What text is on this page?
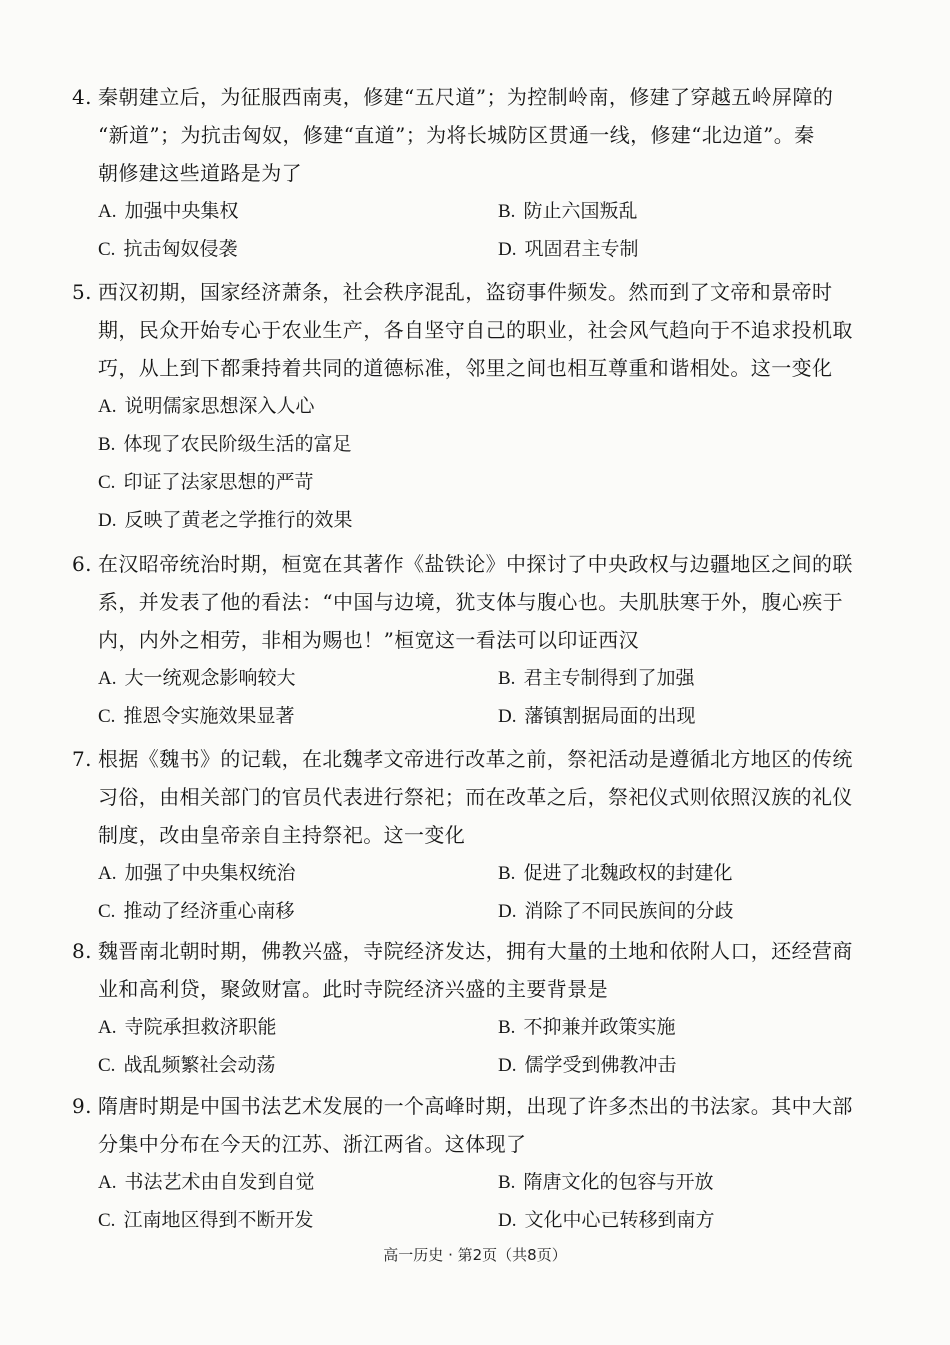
4. 秦朝建立后，为征服西南夷，修建“五尺道”；为控制岭南，修建了穿越五岭屏障的
“新道”；为抗击匈奴，修建“直道”；为将长城防区贯通一线，修建“北边道”。秦
朝修建这些道路是为了
A. 加强中央集权	B. 防止六国叛乱
C. 抗击匈奴侵袭	D. 巩固君主专制
5. 西汉初期，国家经济萧条，社会秩序混乱，盗窃事件频发。然而到了文帝和景帝时
期，民众开始专心于农业生产，各自坚守自己的职业，社会风气趋向于不追求投机取
巧，从上到下都秉持着共同的道德标准，邻里之间也相互尊重和谐相处。这一变化
A. 说明儒家思想深入人心
B. 体现了农民阶级生活的富足
C. 印证了法家思想的严苛
D. 反映了黄老之学推行的效果
6. 在汉昭帝统治时期，桓宽在其著作《盐铁论》中探讨了中央政权与边疆地区之间的联
系，并发表了他的看法：“中国与边境，犹支体与腹心也。夫肌肤寒于外，腹心疾于
内，内外之相劳，非相为赐也！”桓宽这一看法可以印证西汉
A. 大一统观念影响较大	B. 君主专制得到了加强
C. 推恩令实施效果显著	D. 藩镇割据局面的出现
7. 根据《魏书》的记载，在北魏孝文帝进行改革之前，祭祀活动是遵循北方地区的传统
习俗，由相关部门的官员代表进行祭祀；而在改革之后，祭祀仪式则依照汉族的礼仪
制度，改由皇帝亲自主持祭祀。这一变化
A. 加强了中央集权统治	B. 促进了北魏政权的封建化
C. 推动了经济重心南移	D. 消除了不同民族间的分歧
8. 魏晋南北朝时期，佛教兴盛，寺院经济发达，拥有大量的土地和依附人口，还经营商
业和高利贷，聚敛财富。此时寺院经济兴盛的主要背景是
A. 寺院承担救济职能	B. 不抑兼并政策实施
C. 战乱频繁社会动荡	D. 儒学受到佛教冲击
9. 隋唐时期是中国书法艺术发展的一个高峰时期，出现了许多杰出的书法家。其中大部
分集中分布在今天的江苏、浙江两省。这体现了
A. 书法艺术由自发到自觉	B. 隋唐文化的包容与开放
C. 江南地区得到不断开发	D. 文化中心已转移到南方
高一历史 · 第2页（共8页）
